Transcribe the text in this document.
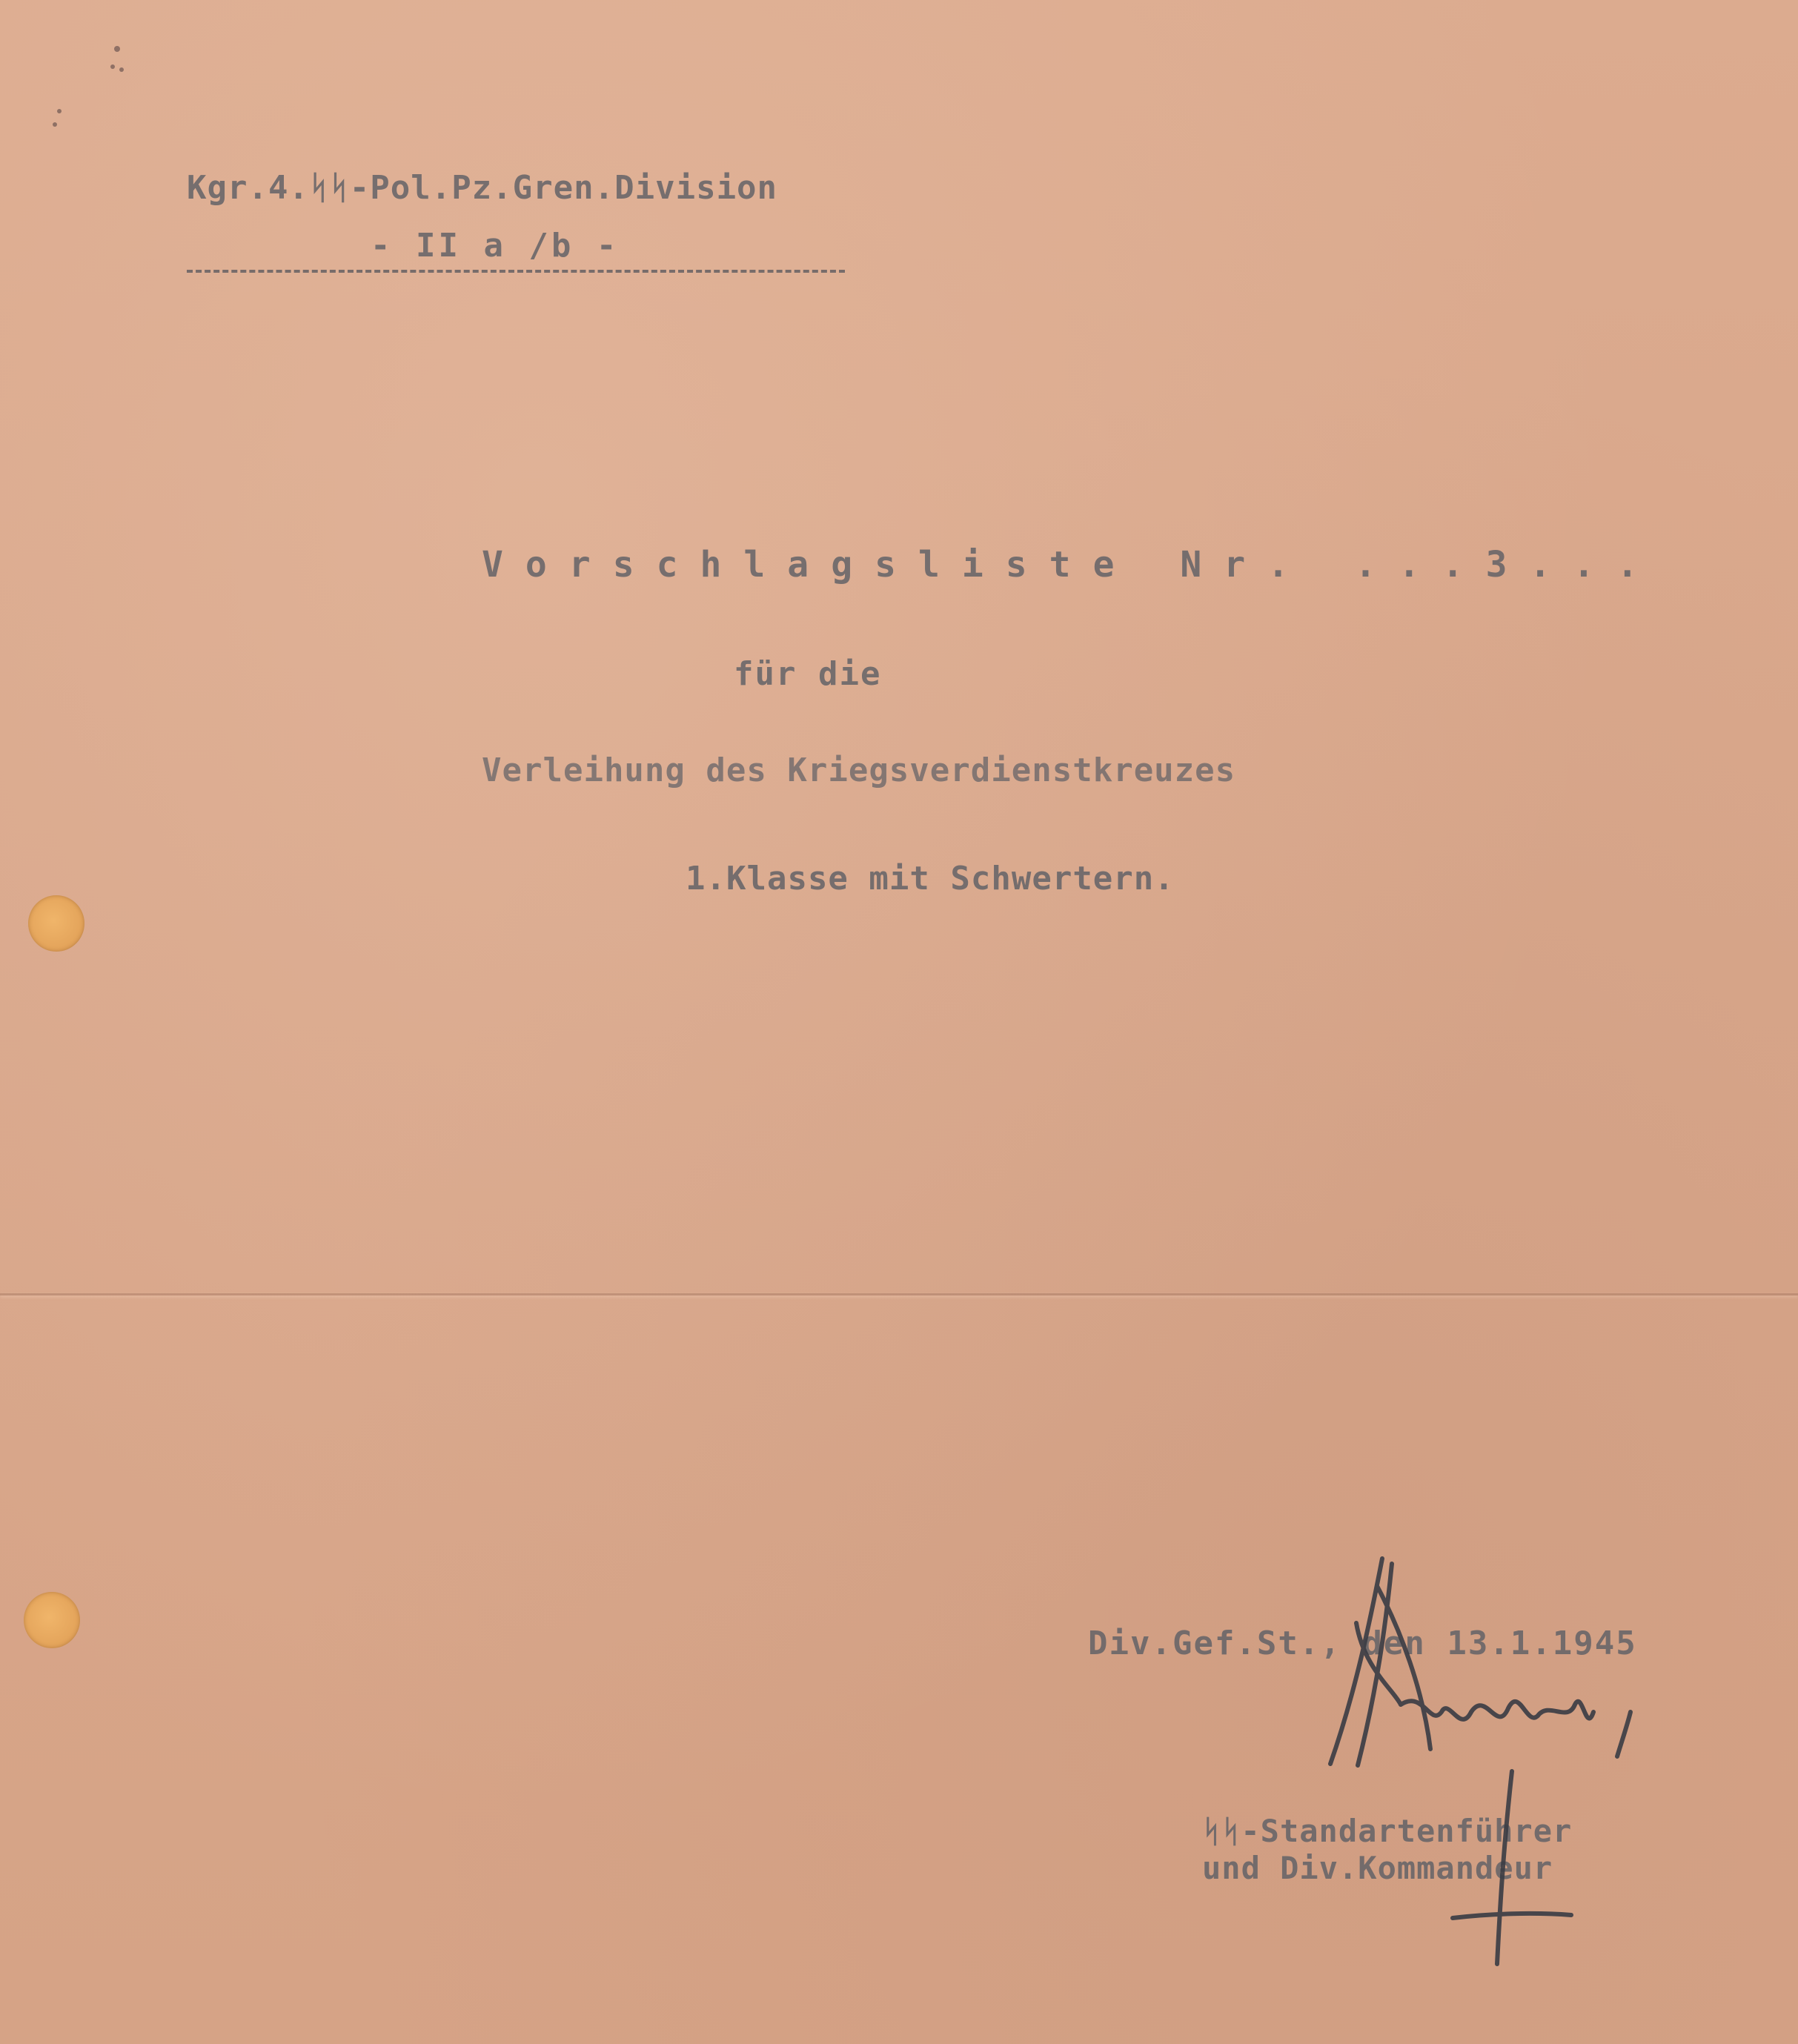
Kgr.4.ᛋᛋ-Pol.Pz.Gren.Division

- II a /b -

Vorschlagsliste Nr. ...3...

für die

Verleihung des Kriegsverdienstkreuzes

1.Klasse mit Schwertern.

Div.Gef.St., den 13.1.1945

ᛋᛋ-Standartenführer

und Div.Kommandeur
